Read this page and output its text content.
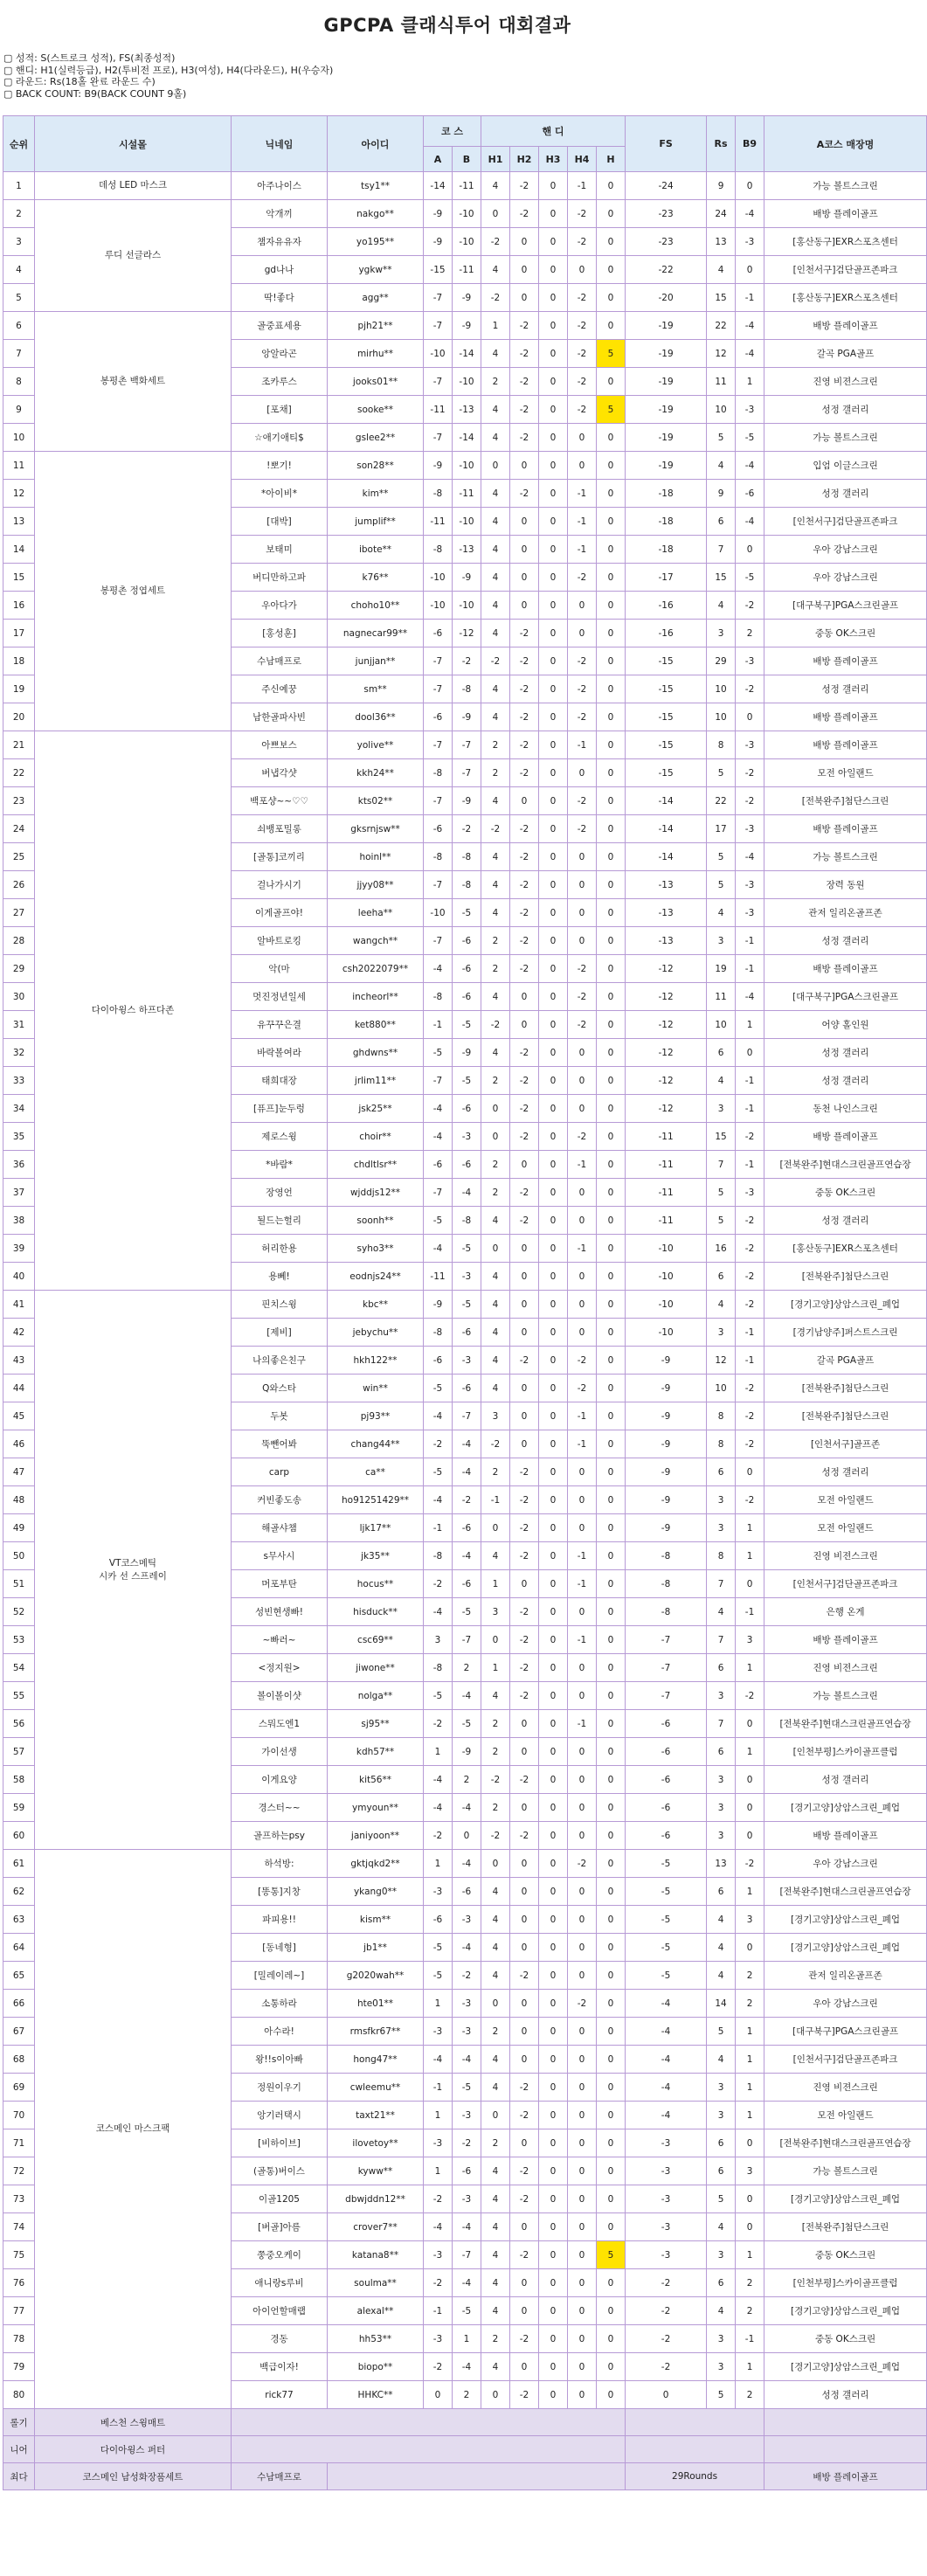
GPCPA 클래식투어 대회결과
▢ 성적: S(스트로크 성적), FS(최종성적)
▢ 핸디: H1(실력등급), H2(투비전 프로), H3(여성), H4(다라운드), H(우승자)
▢ 라운드: Rs(18홀 완료 라운드 수)
▢ BACK COUNT: B9(BACK COUNT 9홀)
순위	시설몰	닉네임	아이디	코 스		핸 디					FS	Rs	B9	A코스 매장명
				A	B	H1	H2	H3	H4	H				
1	데성 LED 마스크	아주나이스	tsy1**	-14	-11	4	-2	0	-1	0	-24	9	0	가능 볼트스크린
2	루디 선글라스	악개끼	nakgo**	-9	-10	0	-2	0	-2	0	-23	24	-4	배방 플레이골프
3		챔자유유자	yo195**	-9	-10	-2	0	0	-2	0	-23	13	-3	[홍산동구]EXR스포츠센터
4		gd나나	ygkw**	-15	-11	4	0	0	0	0	-22	4	0	[인천서구]검단골프존파크
5		딱!좋다	agg**	-7	-9	-2	0	0	-2	0	-20	15	-1	[홍산동구]EXR스포츠센터
6	봉평촌 백화세트	골중표세용	pjh21**	-7	-9	1	-2	0	-2	0	-19	22	-4	배방 플레이골프
7		앙알라곤	mirhu**	-10	-14	4	-2	0	-2	5	-19	12	-4	갈곡 PGA골프
8		조카루스	jooks01**	-7	-10	2	-2	0	-2	0	-19	11	1	진영 비젼스크린
9		[포채]	sooke**	-11	-13	4	-2	0	-2	5	-19	10	-3	성정 갤러리
10		☆애기애티$	gslee2**	-7	-14	4	-2	0	0	0	-19	5	-5	가능 볼트스크린
11	봉평촌 정엽세트	!뽀기!	son28**	-9	-10	0	0	0	0	0	-19	4	-4	입엄 이글스크린
12		*아이비*	kim**	-8	-11	4	-2	0	-1	0	-18	9	-6	성정 갤러리
13		[대박]	jumplif**	-11	-10	4	0	0	-1	0	-18	6	-4	[인천서구]검단골프존파크
14		보태미	ibote**	-8	-13	4	0	0	-1	0	-18	7	0	우아 강남스크린
15		버디만하고파	k76**	-10	-9	4	0	0	-2	0	-17	15	-5	우아 강남스크린
16		우아다가	choho10**	-10	-10	4	0	0	0	0	-16	4	-2	[대구북구]PGA스크린골프
17		[홍성훈]	nagnecar99**	-6	-12	4	-2	0	0	0	-16	3	2	중동 OK스크린
18		수남매프로	junjjan**	-7	-2	-2	-2	0	-2	0	-15	29	-3	배방 플레이골프
19		주신예꿍	sm**	-7	-8	4	-2	0	-2	0	-15	10	-2	성정 갤러리
20		남한골파사빈	dool36**	-6	-9	4	-2	0	-2	0	-15	10	0	배방 플레이골프
21	다이아윙스 하프다존	아쁘보스	yolive**	-7	-7	2	-2	0	-1	0	-15	8	-3	배방 플레이골프
22		버냅각샷	kkh24**	-8	-7	2	-2	0	0	0	-15	5	-2	모전 아일랜드
23		백포샹~~♡♡	kts02**	-7	-9	4	0	0	-2	0	-14	22	-2	[전북완주]첨단스크린
24		쇠뱅포밀롱	gksrnjsw**	-6	-2	-2	-2	0	-2	0	-14	17	-3	배방 플레이골프
25		[골통]코끼리	hoinl**	-8	-8	4	-2	0	0	0	-14	5	-4	가능 볼트스크린
26		걸나가시기	jjyy08**	-7	-8	4	-2	0	0	0	-13	5	-3	장력 동원
27		이게골프야!	leeha**	-10	-5	4	-2	0	0	0	-13	4	-3	관저 일리온골프존
28		알바트로킹	wangch**	-7	-6	2	-2	0	0	0	-13	3	-1	성정 갤러리
29		악(마	csh2022079**	-4	-6	2	-2	0	-2	0	-12	19	-1	배방 플레이골프
30		멋진정년일세	incheorl**	-8	-6	4	0	0	-2	0	-12	11	-4	[대구북구]PGA스크린골프
31		유꾸꾸은결	ket880**	-1	-5	-2	0	0	-2	0	-12	10	1	어양 홀인원
32		바락볼여라	ghdwns**	-5	-9	4	-2	0	0	0	-12	6	0	성정 갤러리
33		태희대장	jrlim11**	-7	-5	2	-2	0	0	0	-12	4	-1	성정 갤러리
34		[퓨프]눈두렁	jsk25**	-4	-6	0	-2	0	0	0	-12	3	-1	동천 나인스크린
35		제로스윙	choir**	-4	-3	0	-2	0	-2	0	-11	15	-2	배방 플레이골프
36		*바람*	chdltlsr**	-6	-6	2	0	0	-1	0	-11	7	-1	[전북완주]현대스크린골프연습장
37		장영언	wjddjs12**	-7	-4	2	-2	0	0	0	-11	5	-3	중동 OK스크린
38		될드는헐리	soonh**	-5	-8	4	-2	0	0	0	-11	5	-2	성정 갤러리
39		허리한용	syho3**	-4	-5	0	0	0	-1	0	-10	16	-2	[홍산동구]EXR스포츠센터
40		용뻬!	eodnjs24**	-11	-3	4	0	0	0	0	-10	6	-2	[전북완주]첨단스크린
41	VT코스메틱
시카 선 스프레이	핀치스윙	kbc**	-9	-5	4	0	0	0	0	-10	4	-2	[경기고양]상암스크린_폐업
42		[제비]	jebychu**	-8	-6	4	0	0	0	0	-10	3	-1	[경기남양주]퍼스트스크린
43		나의좋은친구	hkh122**	-6	-3	4	-2	0	-2	0	-9	12	-1	갈곡 PGA골프
44		Q와스타	win**	-5	-6	4	0	0	-2	0	-9	10	-2	[전북완주]첨단스크린
45		두봇	pj93**	-4	-7	3	0	0	-1	0	-9	8	-2	[전북완주]첨단스크린
46		뚝뺀어봐	chang44**	-2	-4	-2	0	0	-1	0	-9	8	-2	[인천서구]골프존
47		carp	ca**	-5	-4	2	-2	0	0	0	-9	6	0	성정 갤러리
48		커빈좋도송	ho91251429**	-4	-2	-1	-2	0	0	0	-9	3	-2	모전 아일랜드
49		해골샤챔	ljk17**	-1	-6	0	-2	0	0	0	-9	3	1	모전 아일랜드
50		s무사시	jk35**	-8	-4	4	-2	0	-1	0	-8	8	1	진영 비젼스크린
51		머포부탄	hocus**	-2	-6	1	0	0	-1	0	-8	7	0	[인천서구]검단골프존파크
52		성빈현생빠!	hisduck**	-4	-5	3	-2	0	0	0	-8	4	-1	은행 온게
53		~빠러~	csc69**	3	-7	0	-2	0	-1	0	-7	7	3	배방 플레이골프
54		<정지원>	jiwone**	-8	2	1	-2	0	0	0	-7	6	1	진영 비젼스크린
55		볼이볼이샷	nolga**	-5	-4	4	-2	0	0	0	-7	3	-2	가능 볼트스크린
56		스뭐도엔1	sj95**	-2	-5	2	0	0	-1	0	-6	7	0	[전북완주]현대스크린골프연습장
57		가이선생	kdh57**	1	-9	2	0	0	0	0	-6	6	1	[인천부평]스카이골프클럽
58		이게요양	kit56**	-4	2	-2	-2	0	0	0	-6	3	0	성정 갤러리
59		경스터~~	ymyoun**	-4	-4	2	0	0	0	0	-6	3	0	[경기고양]상암스크린_폐업
60		골프하는psy	janiyoon**	-2	0	-2	-2	0	0	0	-6	3	0	배방 플레이골프
61	코스메인 마스크팩	하석방:	gktjqkd2**	1	-4	0	0	0	-2	0	-5	13	-2	우아 강남스크린
62		[똥통]지창	ykang0**	-3	-6	4	0	0	0	0	-5	6	1	[전북완주]현대스크린골프연습장
63		파피용!!	kism**	-6	-3	4	0	0	0	0	-5	4	3	[경기고양]상암스크린_폐업
64		[동네형]	jb1**	-5	-4	4	0	0	0	0	-5	4	0	[경기고양]상암스크린_폐업
65		[밀레이레~]	g2020wah**	-5	-2	4	-2	0	0	0	-5	4	2	관저 일리온골프존
66		소통하라	hte01**	1	-3	0	0	0	-2	0	-4	14	2	우아 강남스크린
67		아수라!	rmsfkr67**	-3	-3	2	0	0	0	0	-4	5	1	[대구북구]PGA스크린골프
68		왕!!s이아빠	hong47**	-4	-4	4	0	0	0	0	-4	4	1	[인천서구]검단골프존파크
69		정원이우기	cwleemu**	-1	-5	4	-2	0	0	0	-4	3	1	진영 비젼스크린
70		앙기러택시	taxt21**	1	-3	0	-2	0	0	0	-4	3	1	모전 아일랜드
71		[비하이브]	ilovetoy**	-3	-2	2	0	0	0	0	-3	6	0	[전북완주]현대스크린골프연습장
72		(골통)버이스	kyww**	1	-6	4	-2	0	0	0	-3	6	3	가능 볼트스크린
73		이골1205	dbwjddn12**	-2	-3	4	-2	0	0	0	-3	5	0	[경기고양]상암스크린_폐업
74		[버골]아름	crover7**	-4	-4	4	0	0	0	0	-3	4	0	[전북완주]첨단스크린
75		쭝중오케이	katana8**	-3	-7	4	-2	0	0	5	-3	3	1	중동 OK스크린
76		애니랑s루비	soulma**	-2	-4	4	0	0	0	0	-2	6	2	[인천부평]스카이골프클럽
77		아이언할매랩	alexal**	-1	-5	4	0	0	0	0	-2	4	2	[경기고양]상암스크린_폐업
78		경동	hh53**	-3	1	2	-2	0	0	0	-2	3	-1	중동 OK스크린
79		백급이자!	biopo**	-2	-4	4	0	0	0	0	-2	3	1	[경기고양]상암스크린_폐업
80		rick77	HHKC**	0	2	0	-2	0	0	0	0	5	2	성정 갤러리
롤기	베스천 스윙매트													
니어	다이아윙스 퍼터													
최다	코스메인 남성화장품세트	수남매프로									29Rounds			배방 플레이골프
